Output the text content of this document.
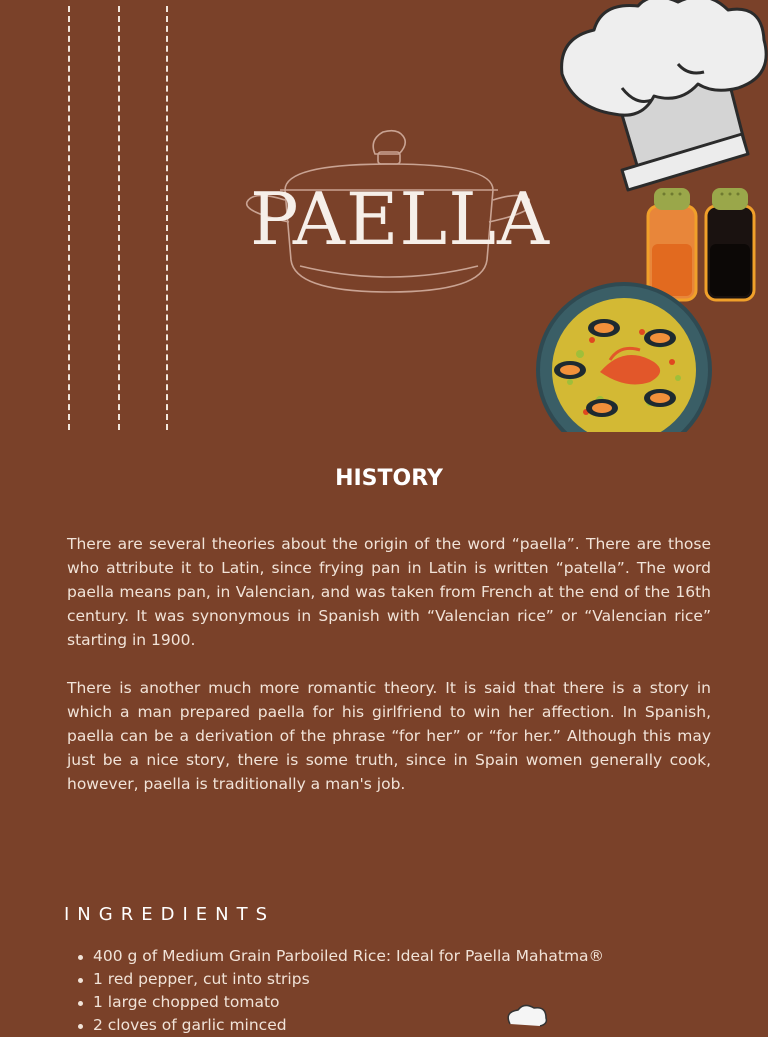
PAELLA
HISTORY

There are several theories about the origin of the word “paella”. There are those who attribute it to Latin, since frying pan in Latin is written “patella”. The word paella means pan, in Valencian, and was taken from French at the end of the 16th century. It was synonymous in Spanish with “Valencian rice” or “Valencian rice” starting in 1900.

There is another much more romantic theory. It is said that there is a story in which a man prepared paella for his girlfriend to win her affection. In Spanish, paella can be a derivation of the phrase “for her” or “for her.” Although this may just be a nice story, there is some truth, since in Spain women generally cook, however, paella is traditionally a man's job.

INGREDIENTS
400 g of Medium Grain Parboiled Rice: Ideal for Paella Mahatma®
1 red pepper, cut into strips
1 large chopped tomato
2 cloves of garlic minced
